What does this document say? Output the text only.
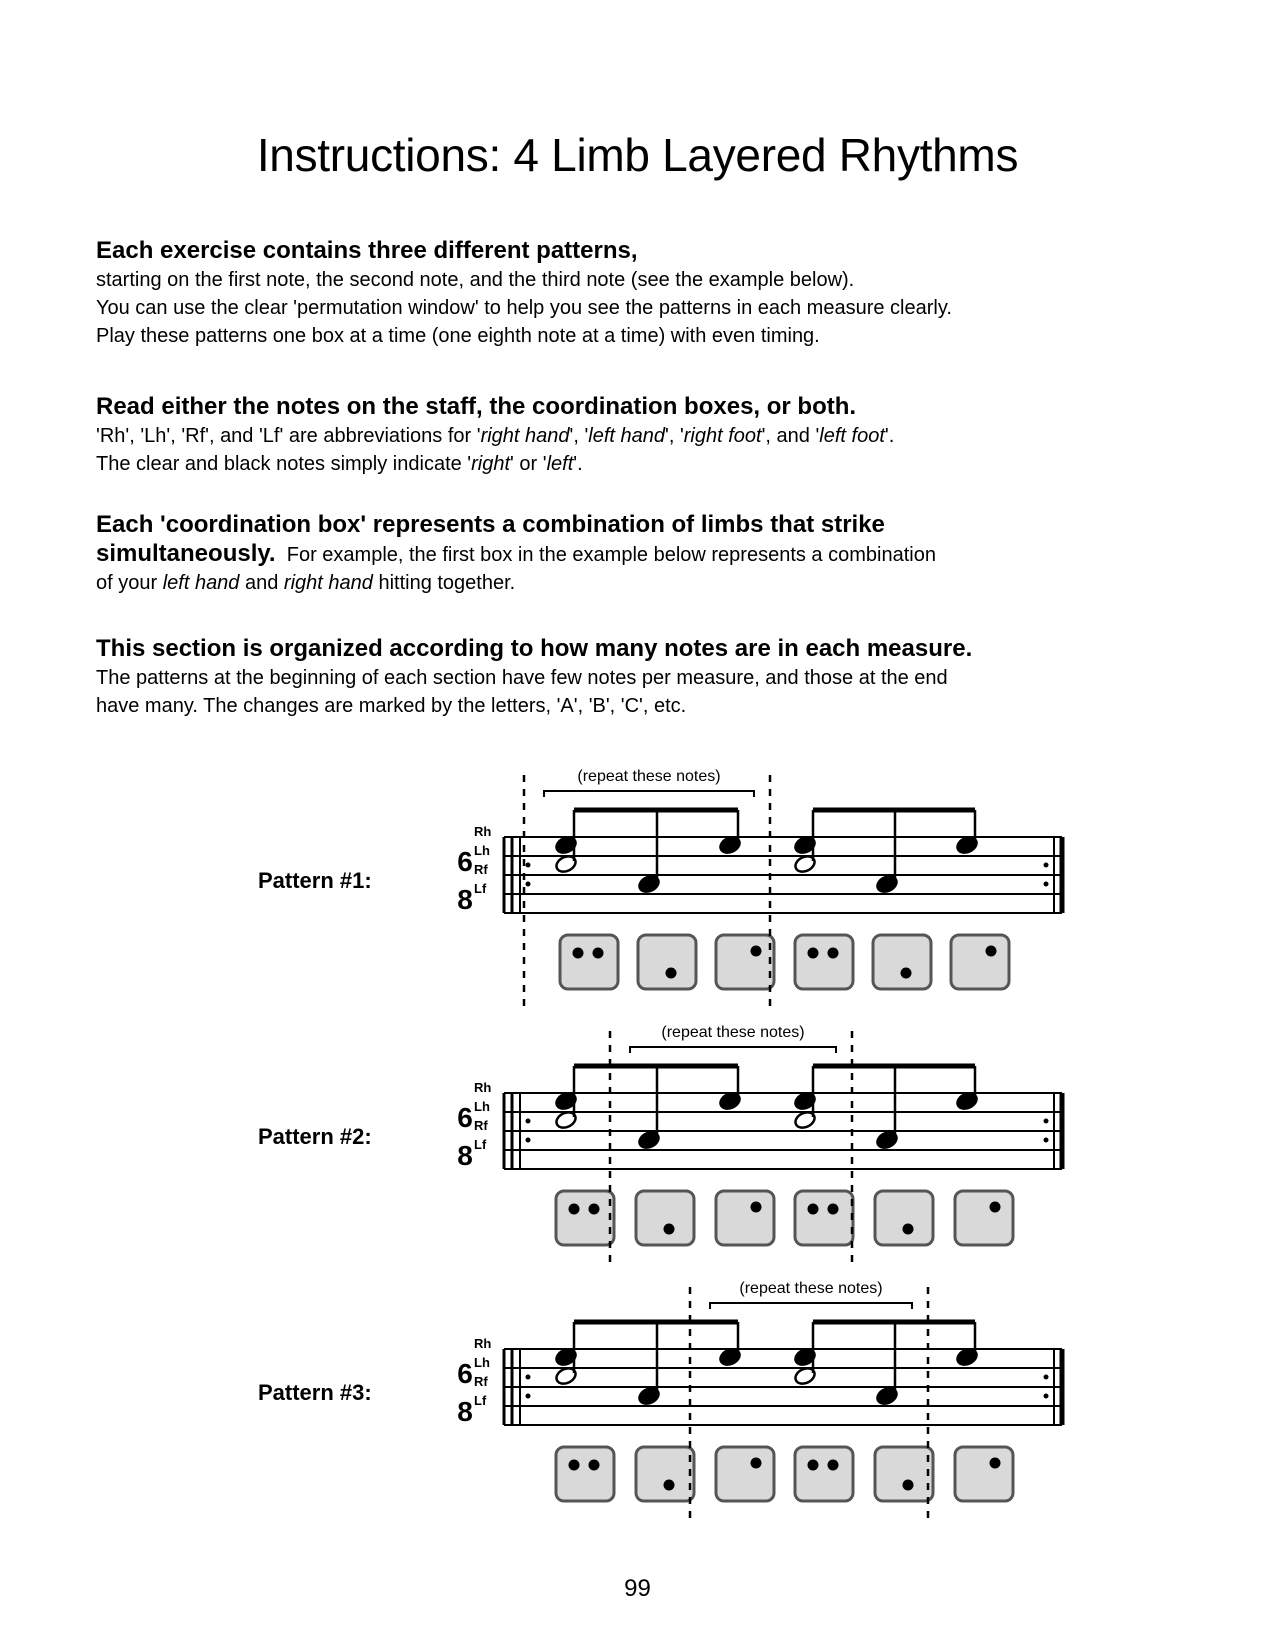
Instructions: 4 Limb Layered Rhythms

Each exercise contains three different patterns,

starting on the first note, the second note, and the third note (see the example below).

You can use the clear 'permutation window' to help you see the patterns in each measure clearly.

Play these patterns one box at a time (one eighth note at a time) with even timing.

Read either the notes on the staff, the coordination boxes, or both.

'Rh', 'Lh', 'Rf', and 'Lf' are abbreviations for 'right hand', 'left hand', 'right foot', and 'left foot'.

The clear and black notes simply indicate 'right' or 'left'.

Each 'coordination box' represents a combination of limbs that strike

simultaneously. For example, the first box in the example below represents a combination

of your left hand and right hand hitting together.

This section is organized according to how many notes are in each measure.

The patterns at the beginning of each section have few notes per measure, and those at the end

have many. The changes are marked by the letters, 'A', 'B', 'C', etc.

Pattern #1:
Pattern #2:
Pattern #3:
6
8
Rh
Lh
Rf
Lf
(repeat these notes)
6
8
Rh
Lh
Rf
Lf
(repeat these notes)
6
8
Rh
Lh
Rf
Lf
(repeat these notes)
99
